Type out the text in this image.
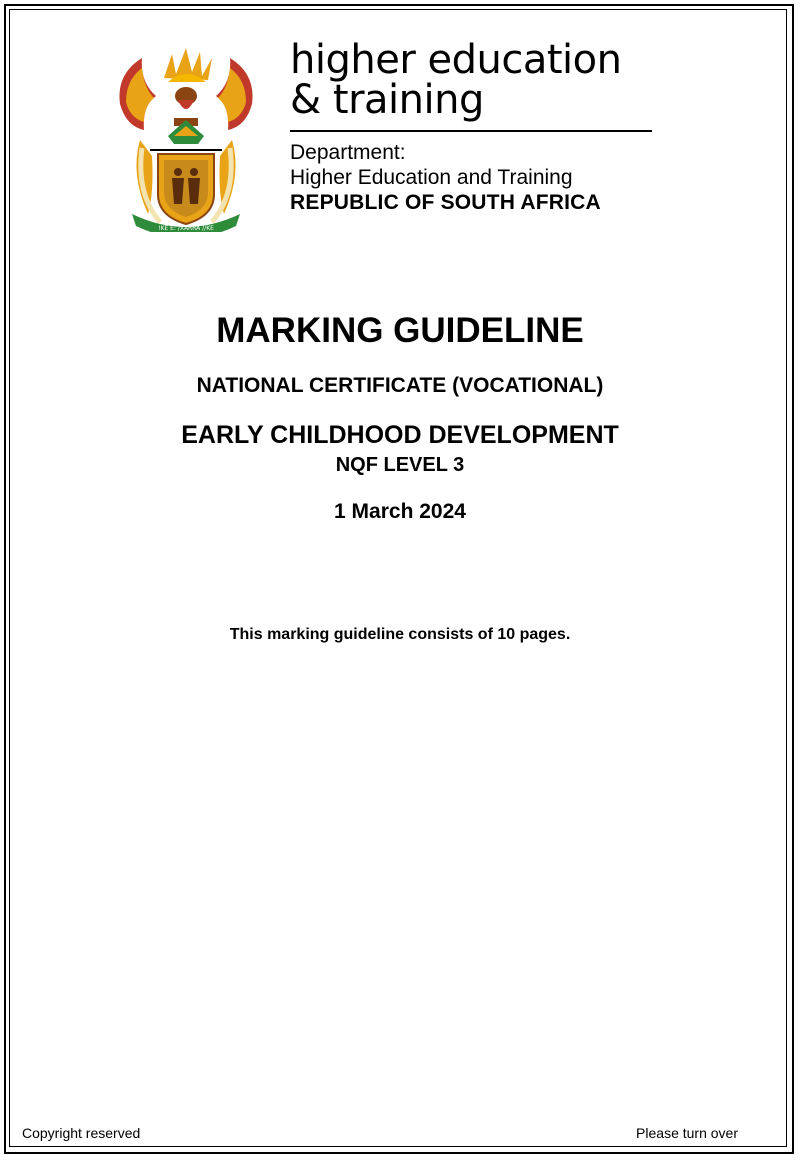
!KE E: /XARRA //KE
higher education
& training
Department:
Higher Education and Training
REPUBLIC OF SOUTH AFRICA
MARKING GUIDELINE
NATIONAL CERTIFICATE (VOCATIONAL)
EARLY CHILDHOOD DEVELOPMENT
NQF LEVEL 3
1 March 2024
This marking guideline consists of 10 pages.
Copyright reserved	Please turn over
